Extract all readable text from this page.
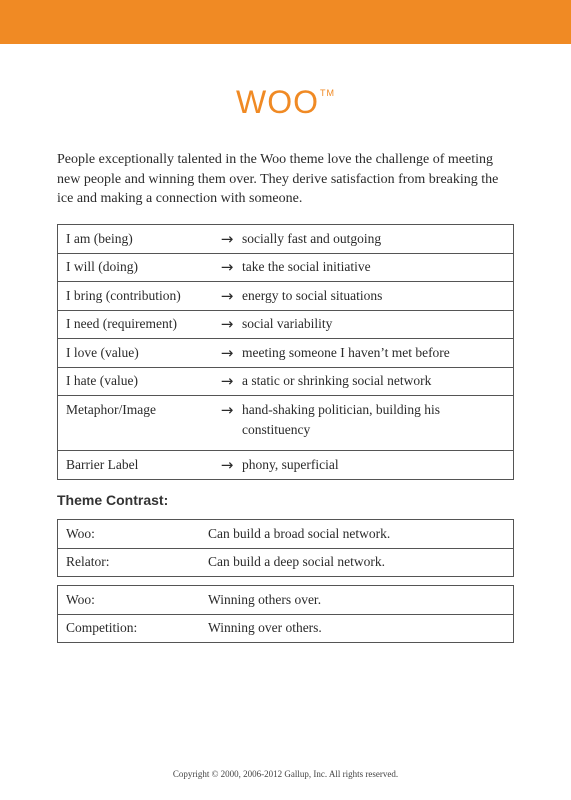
WOO™
People exceptionally talented in the Woo theme love the challenge of meeting new people and winning them over. They derive satisfaction from breaking the ice and making a connection with someone.
I am (being)	→	socially fast and outgoing
I will (doing)	→	take the social initiative
I bring (contribution)	→	energy to social situations
I need (requirement)	→	social variability
I love (value)	→	meeting someone I haven’t met before
I hate (value)	→	a static or shrinking social network
Metaphor/Image	→	hand-shaking politician, building his constituency
Barrier Label	→	phony, superficial
Theme Contrast:
Woo:	Can build a broad social network.
Relator:	Can build a deep social network.
Woo:	Winning others over.
Competition:	Winning over others.
Copyright © 2000, 2006-2012 Gallup, Inc. All rights reserved.
